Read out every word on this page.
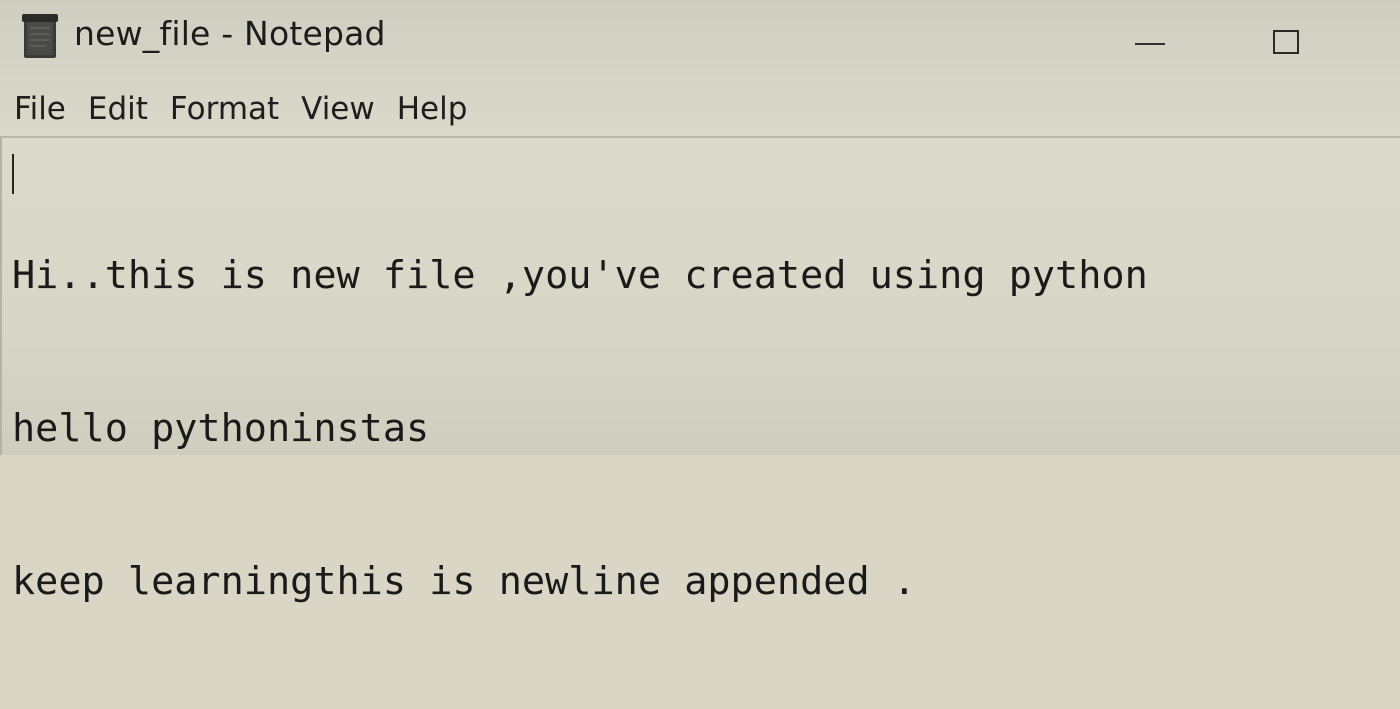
new_file - Notepad
File Edit Format View Help

Hi..this is new file ,you've created using python

hello pythoninstas

keep learningthis is newline appended .
